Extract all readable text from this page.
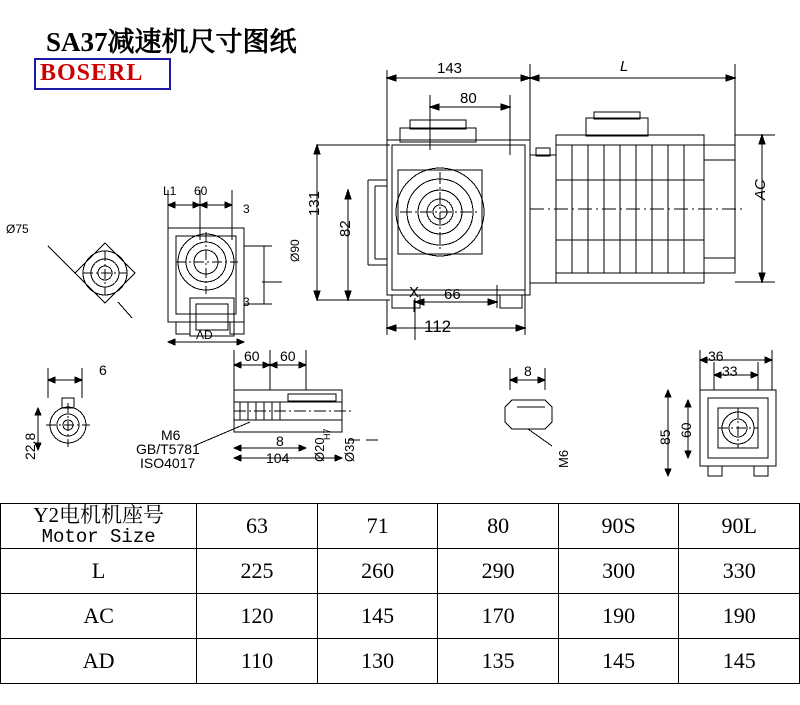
SA37减速机尺寸图纸
BOSERL	143	L
80
131
82
AC
66
112
X
L1 60
3
3
Ø90
AD
Ø75
6
22.8
60 60
M6
GB/T5781
ISO4017
8
104 Ø20
H7
Ø35
8
M6
36
33
85 60
Y2电机机座号
Motor Size	63	71	80	90S	90L
L	225	260	290	300	330
AC	120	145	170	190	190
AD	110	130	135	145	145
